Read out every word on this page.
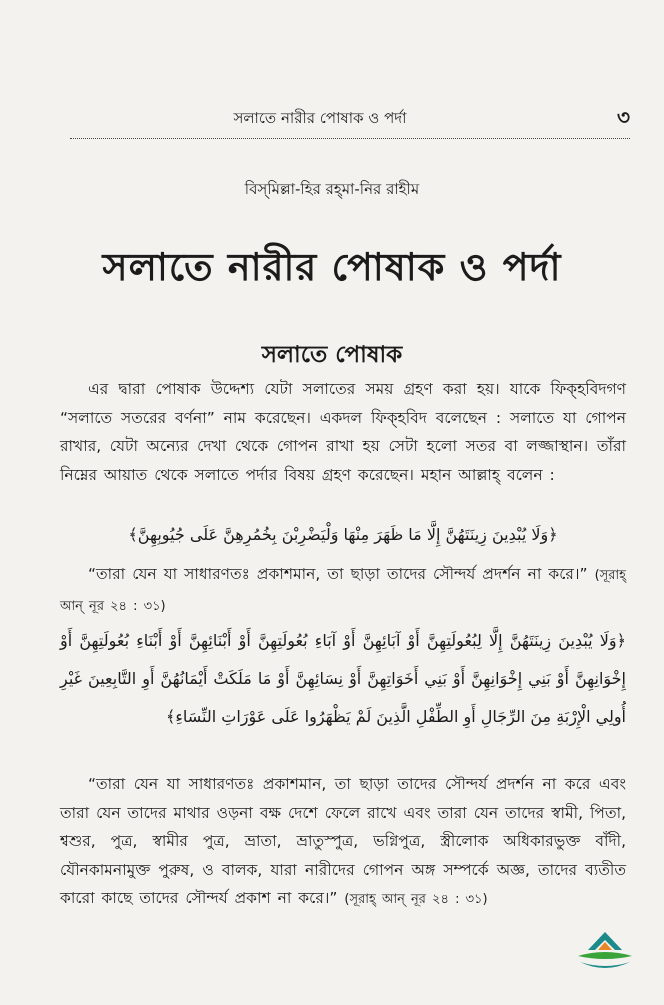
সলাতে নারীর পোষাক ও পর্দা	৩
বিস্‌মিল্লা-হির রহ্‌মা-নির রাহীম
সলাতে নারীর পোষাক ও পর্দা
সলাতে পোষাক
এর দ্বারা পোষাক উদ্দেশ্য যেটা সলাতের সময় গ্রহণ করা হয়। যাকে ফিক্‌হবিদগণ “সলাতে সতরের বর্ণনা” নাম করেছেন। একদল ফিক্‌হবিদ বলেছেন : সলাতে যা গোপন রাখার, যেটা অন্যের দেখা থেকে গোপন রাখা হয় সেটা হলো সতর বা লজ্জাস্থান। তাঁরা নিম্নের আয়াত থেকে সলাতে পর্দার বিষয় গ্রহণ করেছেন। মহান আল্লাহ্‌ বলেন :
﴿وَلَا يُبْدِينَ زِينَتَهُنَّ إِلَّا مَا ظَهَرَ مِنْهَا وَلْيَضْرِبْنَ بِخُمُرِهِنَّ عَلَى جُيُوبِهِنَّ﴾
“তারা যেন যা সাধারণতঃ প্রকাশমান, তা ছাড়া তাদের সৌন্দর্য প্রদর্শন না করে।” (সূরাহ্‌ আন্‌ নূর ২৪ : ৩১)
﴿وَلَا يُبْدِينَ زِينَتَهُنَّ إِلَّا لِبُعُولَتِهِنَّ أَوْ آبَائِهِنَّ أَوْ آبَاءِ بُعُولَتِهِنَّ أَوْ أَبْنَائِهِنَّ أَوْ أَبْنَاءِ بُعُولَتِهِنَّ أَوْ إِخْوَانِهِنَّ أَوْ بَنِي إِخْوَانِهِنَّ أَوْ بَنِي أَخَوَاتِهِنَّ أَوْ نِسَائِهِنَّ أَوْ مَا مَلَكَتْ أَيْمَانُهُنَّ أَوِ التَّابِعِينَ غَيْرِ أُولِي الْإِرْبَةِ مِنَ الرِّجَالِ أَوِ الطِّفْلِ الَّذِينَ لَمْ يَظْهَرُوا عَلَى عَوْرَاتِ النِّسَاءِ﴾
“তারা যেন যা সাধারণতঃ প্রকাশমান, তা ছাড়া তাদের সৌন্দর্য প্রদর্শন না করে এবং তারা যেন তাদের মাথার ওড়না বক্ষ দেশে ফেলে রাখে এবং তারা যেন তাদের স্বামী, পিতা, শ্বশুর, পুত্র, স্বামীর পুত্র, ভ্রাতা, ভ্রাতুস্পুত্র, ভগ্নিপুত্র, স্ত্রীলোক অধিকারভুক্ত বাঁদী, যৌনকামনামুক্ত পুরুষ, ও বালক, যারা নারীদের গোপন অঙ্গ সম্পর্কে অজ্ঞ, তাদের ব্যতীত কারো কাছে তাদের সৌন্দর্য প্রকাশ না করে।” (সূরাহ্‌ আন্‌ নূর ২৪ : ৩১)
